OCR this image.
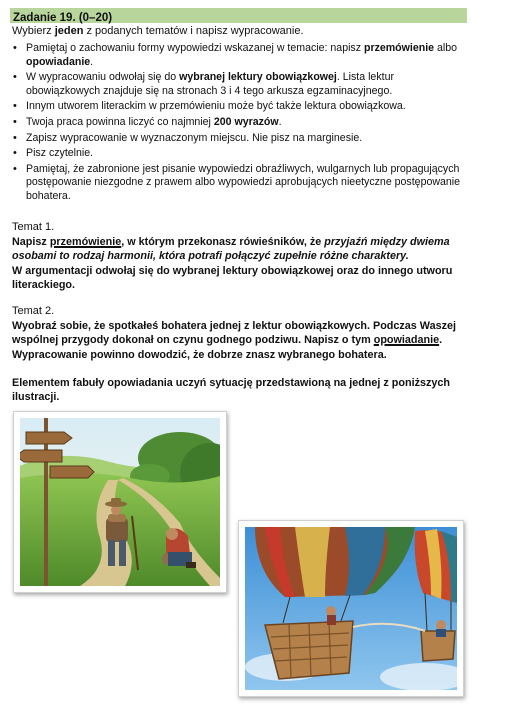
Zadanie 19. (0–20)
Wybierz jeden z podanych tematów i napisz wypracowanie.
• Pamiętaj o zachowaniu formy wypowiedzi wskazanej w temacie: napisz przemówienie albo opowiadanie.
• W wypracowaniu odwołaj się do wybranej lektury obowiązkowej. Lista lektur obowiązkowych znajduje się na stronach 3 i 4 tego arkusza egzaminacyjnego.
• Innym utworem literackim w przemówieniu może być także lektura obowiązkowa.
• Twoja praca powinna liczyć co najmniej 200 wyrazów.
• Zapisz wypracowanie w wyznaczonym miejscu. Nie pisz na marginesie.
• Pisz czytelnie.
• Pamiętaj, że zabronione jest pisanie wypowiedzi obraźliwych, wulgarnych lub propagujących postępowanie niezgodne z prawem albo wypowiedzi aprobujących nieetyczne postępowanie bohatera.
Temat 1.
Napisz przemówienie, w którym przekonasz rówieśników, że przyjaźń między dwiema osobami to rodzaj harmonii, która potrafi połączyć zupełnie różne charaktery.
W argumentacji odwołaj się do wybranej lektury obowiązkowej oraz do innego utworu literackiego.
Temat 2.
Wyobraź sobie, że spotkałeś bohatera jednej z lektur obowiązkowych. Podczas Waszej wspólnej przygody dokonał on czynu godnego podziwu. Napisz o tym opowiadanie. Wypracowanie powinno dowodzić, że dobrze znasz wybranego bohatera.
Elementem fabuły opowiadania uczyń sytuację przedstawioną na jednej z poniższych ilustracji.
